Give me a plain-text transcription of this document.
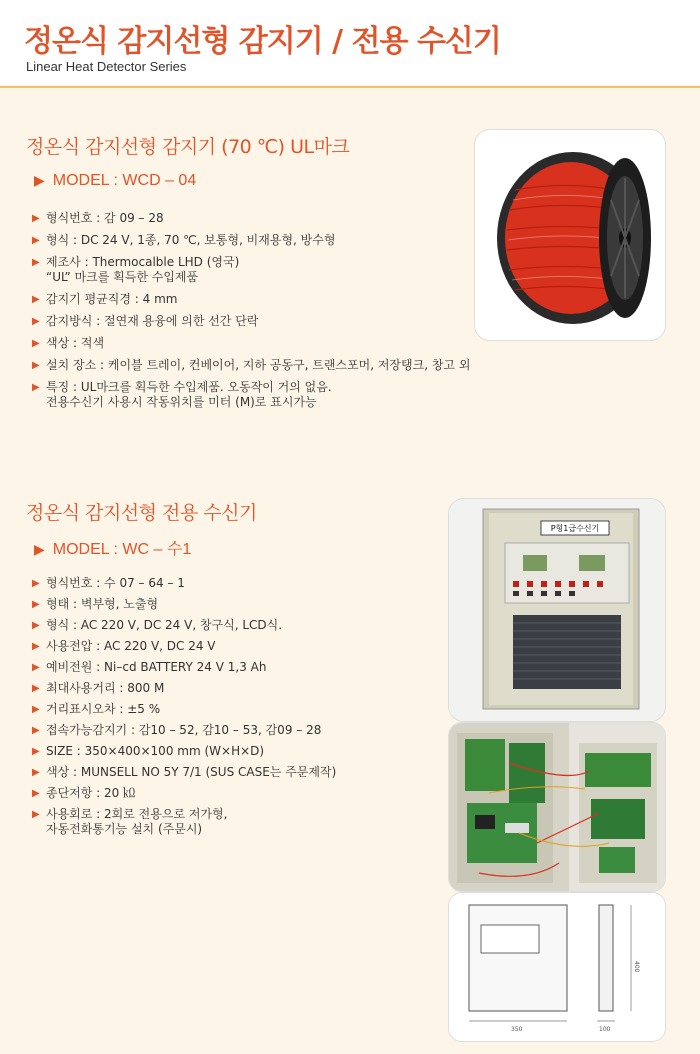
정온식 감지선형 감지기 / 전용 수신기
Linear Heat Detector Series
정온식 감지선형 감지기 (70 ℃) UL마크
▶ MODEL : WCD – 04
▶ 형식번호 : 감 09 – 28
▶ 형식 : DC 24 V, 1종, 70 ℃, 보통형, 비재용형, 방수형
▶ 제조사 : Thermocalble LHD (영국)
“UL” 마크를 획득한 수입제품
▶ 감지기 평균직경 : 4 mm
▶ 감지방식 : 절연재 용융에 의한 선간 단락
▶ 색상 : 적색
▶ 설치 장소 : 케이블 트레이, 컨베이어, 지하 공동구, 트랜스포머, 저장탱크, 창고 외
▶ 특징 : UL마크를 획득한 수입제품. 오동작이 거의 없음.
전용수신기 사용시 작동위치를 미터 (M)로 표시가능
정온식 감지선형 전용 수신기
▶ MODEL : WC – 수1
▶ 형식번호 : 수 07 – 64 – 1
▶ 형태 : 벽부형, 노출형
▶ 형식 : AC 220 V, DC 24 V, 창구식, LCD식.
▶ 사용전압 : AC 220 V, DC 24 V
▶ 예비전원 : Ni–cd BATTERY 24 V 1,3 Ah
▶ 최대사용거리 : 800 M
▶ 거리표시오차 : ±5 %
▶ 접속가능감지기 : 감10 – 52, 감10 – 53, 감09 – 28
▶ SIZE : 350×400×100 mm (W×H×D)
▶ 색상 : MUNSELL NO 5Y 7/1 (SUS CASE는 주문제작)
▶ 종단저항 : 20 ㏀
▶ 사용회로 : 2회로 전용으로 저가형,
자동전화통기능 설치 (주문시)
P형1급수신기
350
400
100
